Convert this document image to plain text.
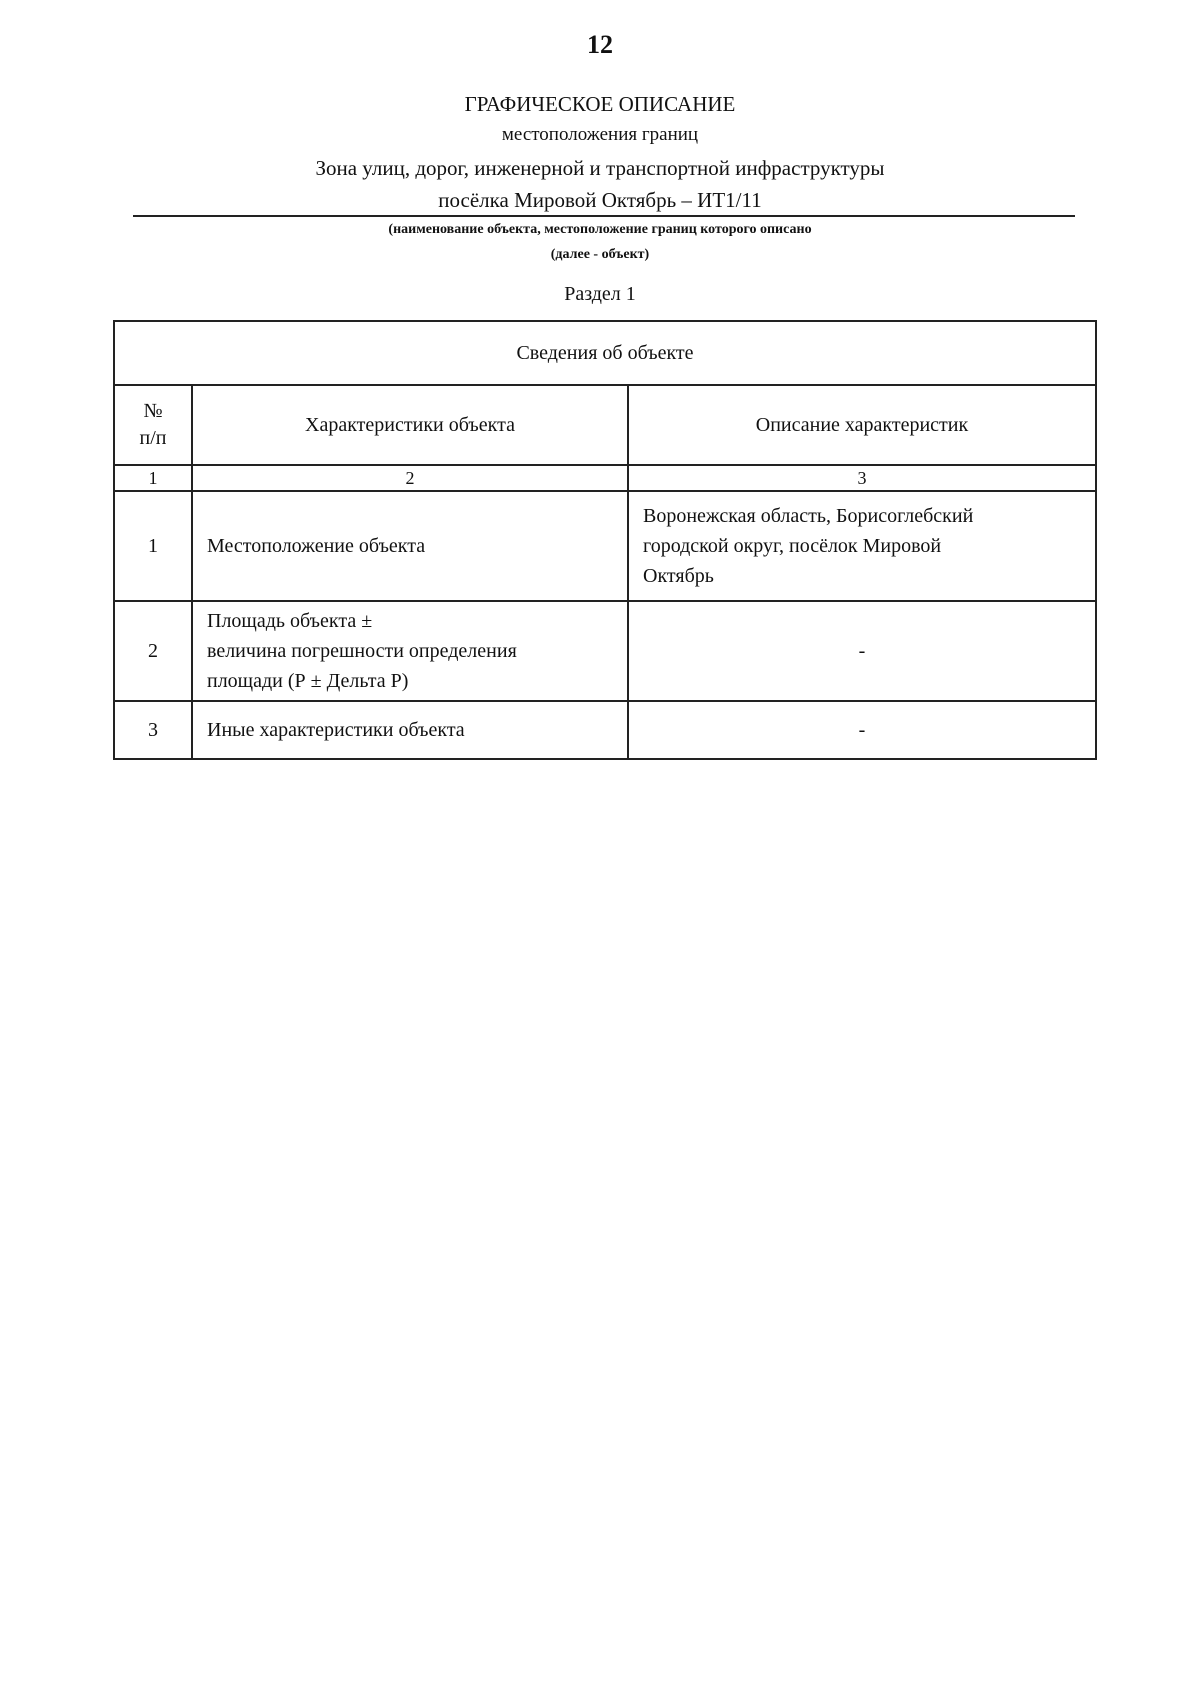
12
ГРАФИЧЕСКОЕ ОПИСАНИЕ
местоположения границ
Зона улиц, дорог, инженерной и транспортной инфраструктуры
посёлка Мировой Октябрь – ИТ1/11
(наименование объекта, местоположение границ которого описано
(далее - объект)
Раздел 1
Сведения об объекте		
№
п/п	Характеристики объекта	Описание характеристик
1	2	3
1	Местоположение объекта	Воронежская область, Борисоглебский
городской округ, посёлок Мировой
Октябрь
2	Площадь объекта ±
величина погрешности определения
площади (Р ± Дельта Р)	-
3	Иные характеристики объекта	-
